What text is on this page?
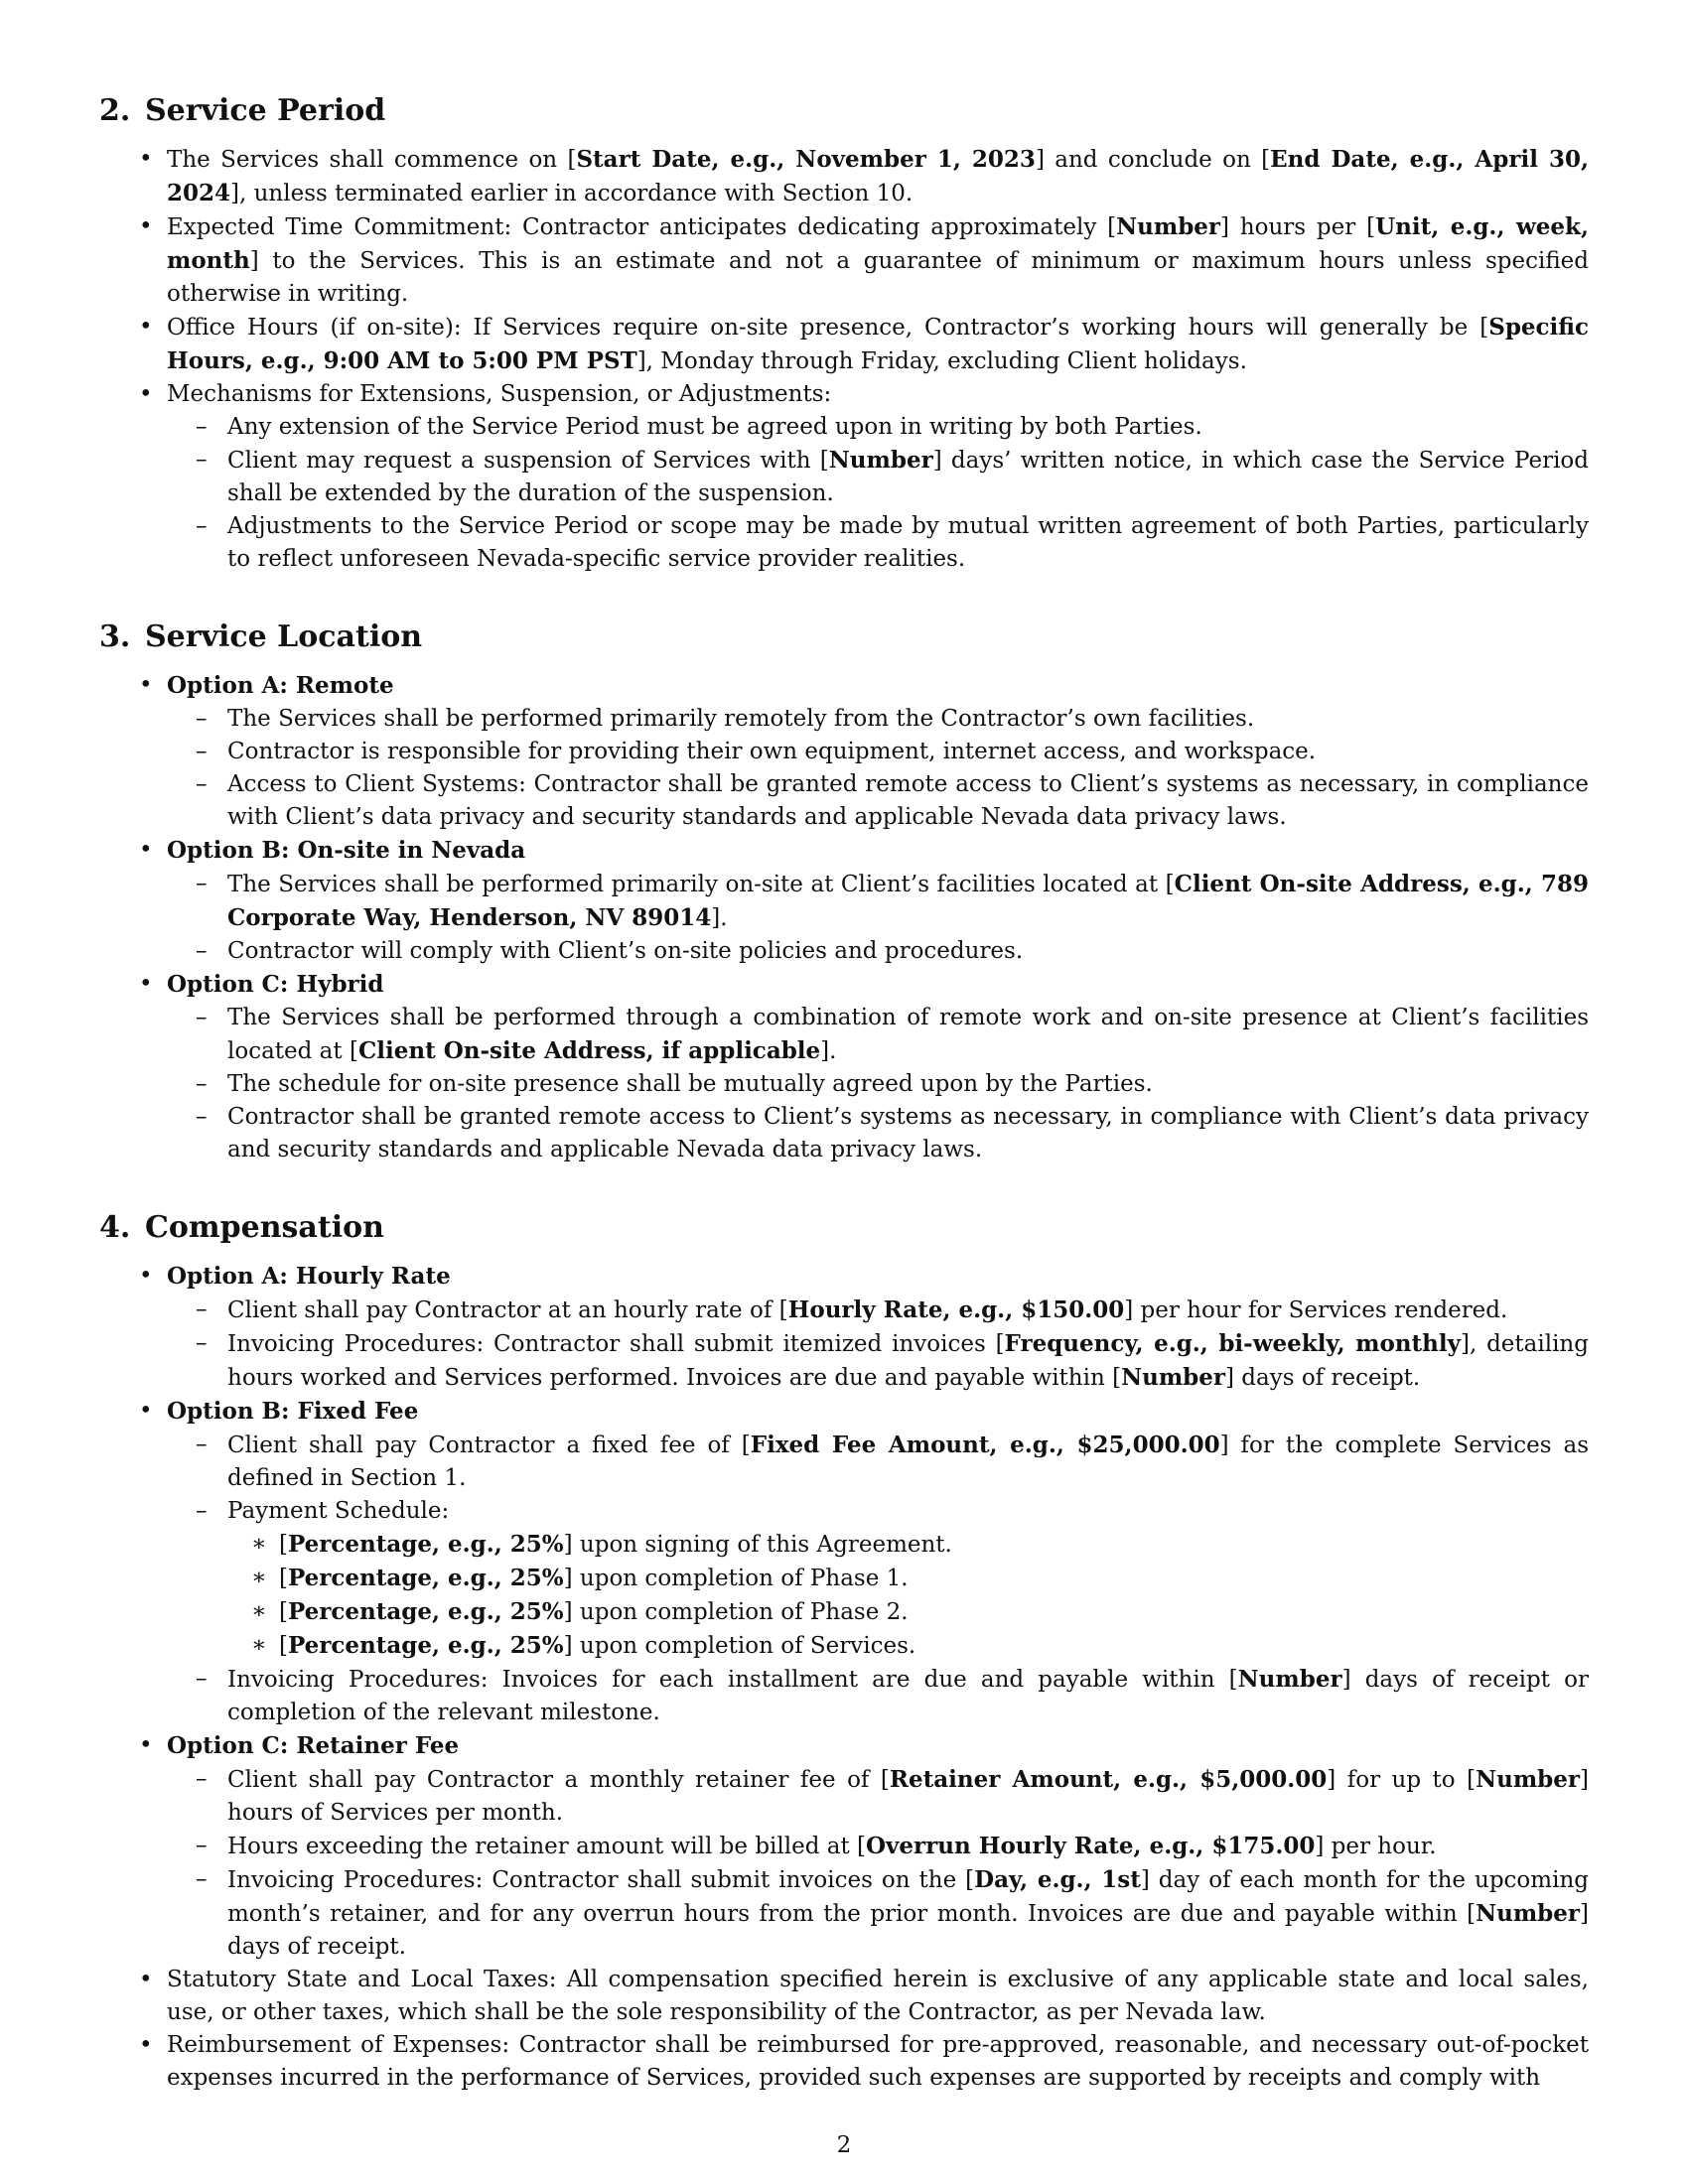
2. Service Period
• The Services shall commence on [Start Date, e.g., November 1, 2023] and conclude on [End Date, e.g., April 30, 2024], unless terminated earlier in accordance with Section 10.
• Expected Time Commitment: Contractor anticipates dedicating approximately [Number] hours per [Unit, e.g., week, month] to the Services. This is an estimate and not a guarantee of minimum or maximum hours unless specified otherwise in writing.
• Office Hours (if on-site): If Services require on-site presence, Contractor’s working hours will generally be [Specific Hours, e.g., 9:00 AM to 5:00 PM PST], Monday through Friday, excluding Client holidays.
• Mechanisms for Extensions, Suspension, or Adjustments:
– Any extension of the Service Period must be agreed upon in writing by both Parties.
– Client may request a suspension of Services with [Number] days’ written notice, in which case the Service Period shall be extended by the duration of the suspension.
– Adjustments to the Service Period or scope may be made by mutual written agreement of both Parties, particularly to reflect unforeseen Nevada-specific service provider realities.
3. Service Location
• Option A: Remote
– The Services shall be performed primarily remotely from the Contractor’s own facilities.
– Contractor is responsible for providing their own equipment, internet access, and workspace.
– Access to Client Systems: Contractor shall be granted remote access to Client’s systems as necessary, in compliance with Client’s data privacy and security standards and applicable Nevada data privacy laws.
• Option B: On-site in Nevada
– The Services shall be performed primarily on-site at Client’s facilities located at [Client On-site Address, e.g., 789 Corporate Way, Henderson, NV 89014].
– Contractor will comply with Client’s on-site policies and procedures.
• Option C: Hybrid
– The Services shall be performed through a combination of remote work and on-site presence at Client’s facilities located at [Client On-site Address, if applicable].
– The schedule for on-site presence shall be mutually agreed upon by the Parties.
– Contractor shall be granted remote access to Client’s systems as necessary, in compliance with Client’s data privacy and security standards and applicable Nevada data privacy laws.
4. Compensation
• Option A: Hourly Rate
– Client shall pay Contractor at an hourly rate of [Hourly Rate, e.g., $150.00] per hour for Services rendered.
– Invoicing Procedures: Contractor shall submit itemized invoices [Frequency, e.g., bi-weekly, monthly], detailing hours worked and Services performed. Invoices are due and payable within [Number] days of receipt.
• Option B: Fixed Fee
– Client shall pay Contractor a fixed fee of [Fixed Fee Amount, e.g., $25,000.00] for the complete Services as defined in Section 1.
– Payment Schedule:
∗ [Percentage, e.g., 25%] upon signing of this Agreement.
∗ [Percentage, e.g., 25%] upon completion of Phase 1.
∗ [Percentage, e.g., 25%] upon completion of Phase 2.
∗ [Percentage, e.g., 25%] upon completion of Services.
– Invoicing Procedures: Invoices for each installment are due and payable within [Number] days of receipt or completion of the relevant milestone.
• Option C: Retainer Fee
– Client shall pay Contractor a monthly retainer fee of [Retainer Amount, e.g., $5,000.00] for up to [Number] hours of Services per month.
– Hours exceeding the retainer amount will be billed at [Overrun Hourly Rate, e.g., $175.00] per hour.
– Invoicing Procedures: Contractor shall submit invoices on the [Day, e.g., 1st] day of each month for the upcoming month’s retainer, and for any overrun hours from the prior month. Invoices are due and payable within [Number] days of receipt.
• Statutory State and Local Taxes: All compensation specified herein is exclusive of any applicable state and local sales, use, or other taxes, which shall be the sole responsibility of the Contractor, as per Nevada law.
• Reimbursement of Expenses: Contractor shall be reimbursed for pre-approved, reasonable, and necessary out-of-pocket expenses incurred in the performance of Services, provided such expenses are supported by receipts and comply with
2
